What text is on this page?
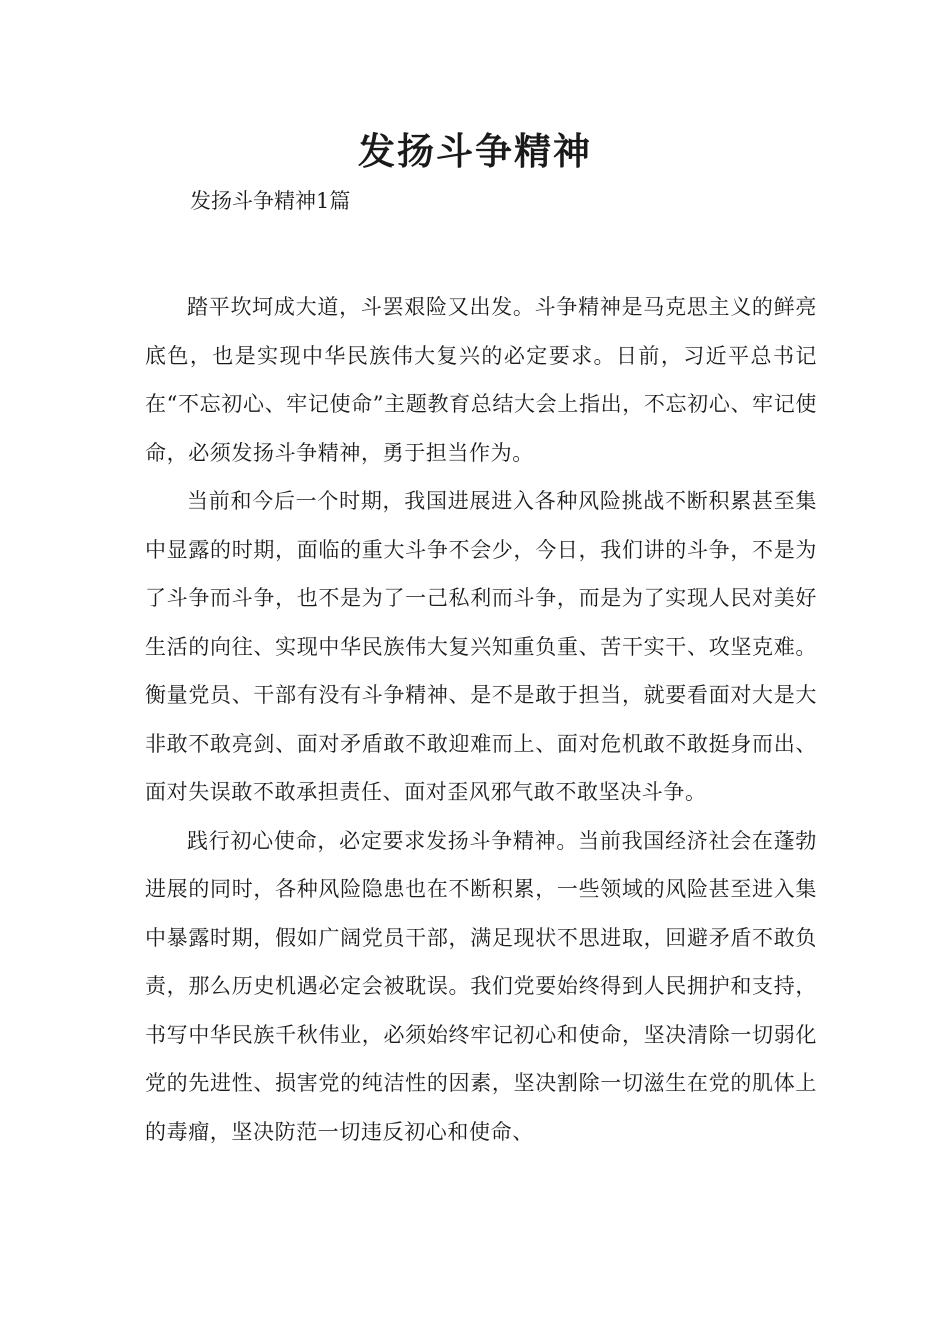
发扬斗争精神

发扬斗争精神1篇

踏平坎坷成大道，斗罢艰险又出发。斗争精神是马克思主义的鲜亮底色，也是实现中华民族伟大复兴的必定要求。日前，习近平总书记在“不忘初心、牢记使命”主题教育总结大会上指出，不忘初心、牢记使命，必须发扬斗争精神，勇于担当作为。

当前和今后一个时期，我国进展进入各种风险挑战不断积累甚至集中显露的时期，面临的重大斗争不会少，今日，我们讲的斗争，不是为了斗争而斗争，也不是为了一己私利而斗争，而是为了实现人民对美好生活的向往、实现中华民族伟大复兴知重负重、苦干实干、攻坚克难。衡量党员、干部有没有斗争精神、是不是敢于担当，就要看面对大是大非敢不敢亮剑、面对矛盾敢不敢迎难而上、面对危机敢不敢挺身而出、面对失误敢不敢承担责任、面对歪风邪气敢不敢坚决斗争。

践行初心使命，必定要求发扬斗争精神。当前我国经济社会在蓬勃进展的同时，各种风险隐患也在不断积累，一些领域的风险甚至进入集中暴露时期，假如广阔党员干部，满足现状不思进取，回避矛盾不敢负责，那么历史机遇必定会被耽误。我们党要始终得到人民拥护和支持，书写中华民族千秋伟业，必须始终牢记初心和使命，坚决清除一切弱化党的先进性、损害党的纯洁性的因素，坚决割除一切滋生在党的肌体上的毒瘤，坚决防范一切违反初心和使命、
